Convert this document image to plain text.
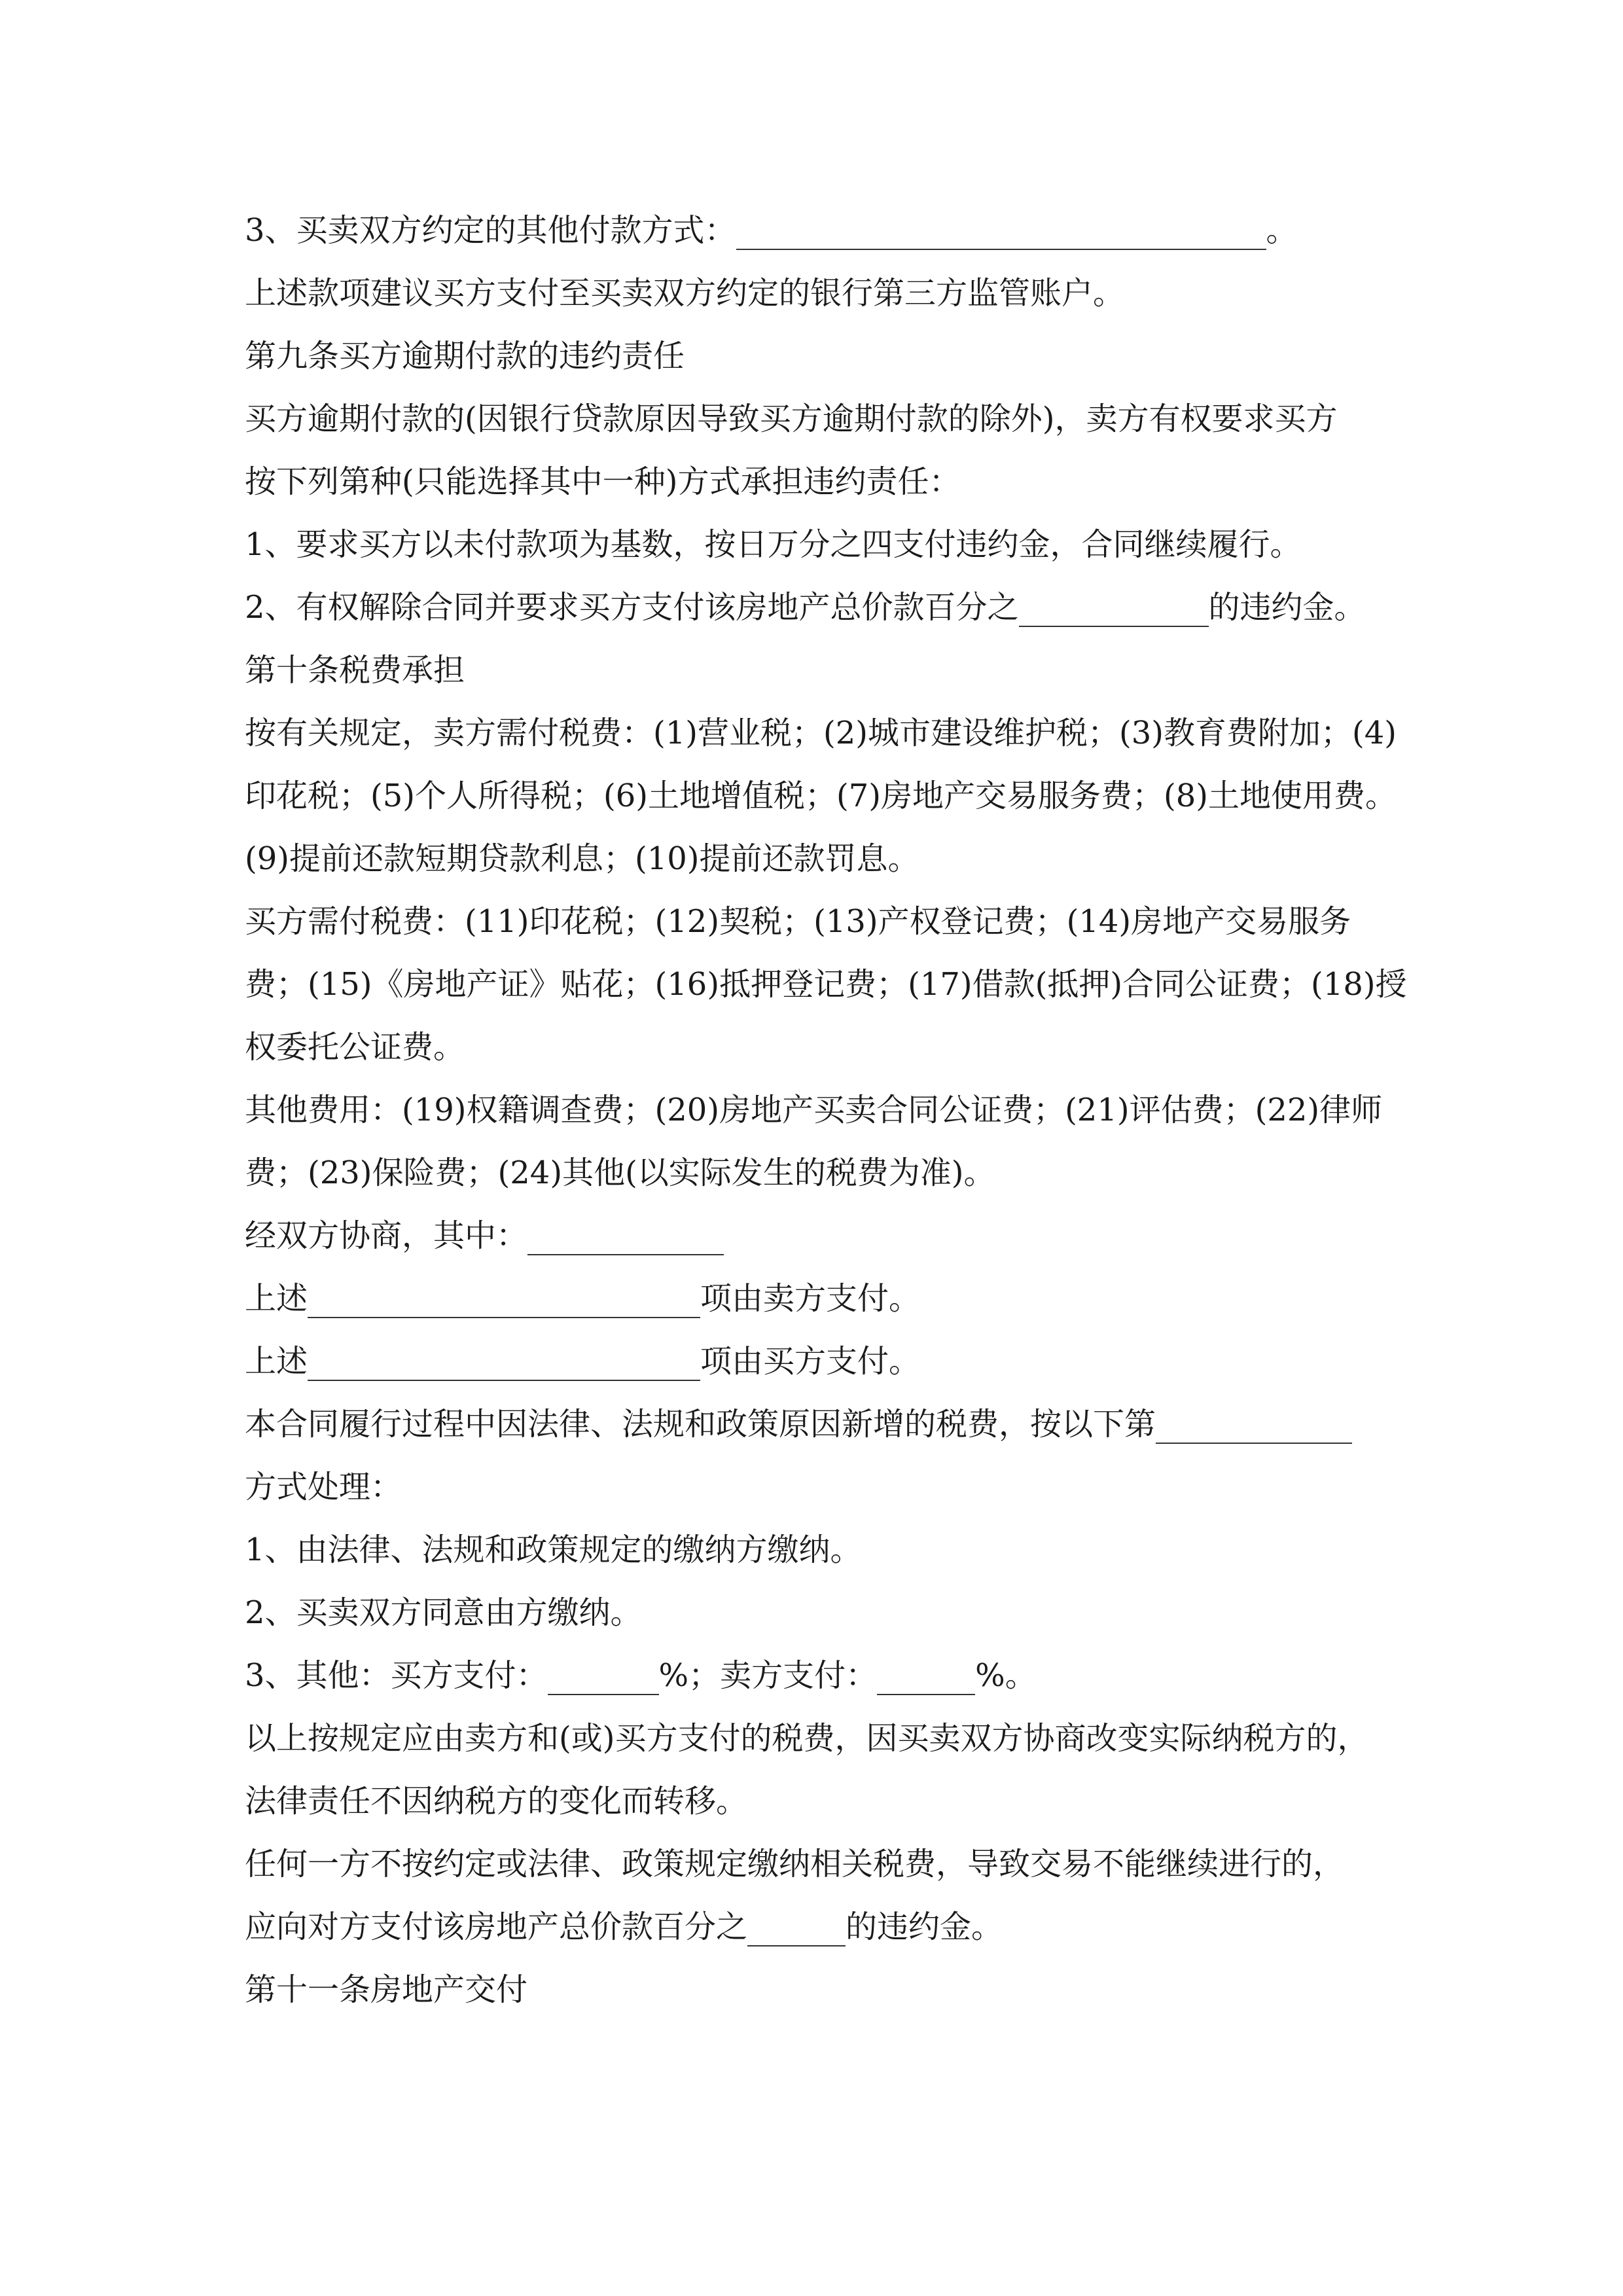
3、买卖双方约定的其他付款方式：	。
上述款项建议买方支付至买卖双方约定的银行第三方监管账户。
第九条买方逾期付款的违约责任
买方逾期付款的(因银行贷款原因导致买方逾期付款的除外)，卖方有权要求买方
按下列第种(只能选择其中一种)方式承担违约责任：
1、要求买方以未付款项为基数，按日万分之四支付违约金，合同继续履行。
2、有权解除合同并要求买方支付该房地产总价款百分之	的违约金。
第十条税费承担
按有关规定，卖方需付税费：(1)营业税；(2)城市建设维护税；(3)教育费附加；(4)
印花税；(5)个人所得税；(6)土地增值税；(7)房地产交易服务费；(8)土地使用费。
(9)提前还款短期贷款利息；(10)提前还款罚息。
买方需付税费：(11)印花税；(12)契税；(13)产权登记费；(14)房地产交易服务
费；(15)《房地产证》贴花；(16)抵押登记费；(17)借款(抵押)合同公证费；(18)授
权委托公证费。
其他费用：(19)权籍调查费；(20)房地产买卖合同公证费；(21)评估费；(22)律师
费；(23)保险费；(24)其他(以实际发生的税费为准)。
经双方协商，其中：
上述	项由卖方支付。
上述	项由买方支付。
本合同履行过程中因法律、法规和政策原因新增的税费，按以下第
方式处理：
1、由法律、法规和政策规定的缴纳方缴纳。
2、买卖双方同意由方缴纳。
3、其他：买方支付：	%；卖方支付：	%。
以上按规定应由卖方和(或)买方支付的税费，因买卖双方协商改变实际纳税方的，
法律责任不因纳税方的变化而转移。
任何一方不按约定或法律、政策规定缴纳相关税费，导致交易不能继续进行的，
应向对方支付该房地产总价款百分之	的违约金。
第十一条房地产交付
